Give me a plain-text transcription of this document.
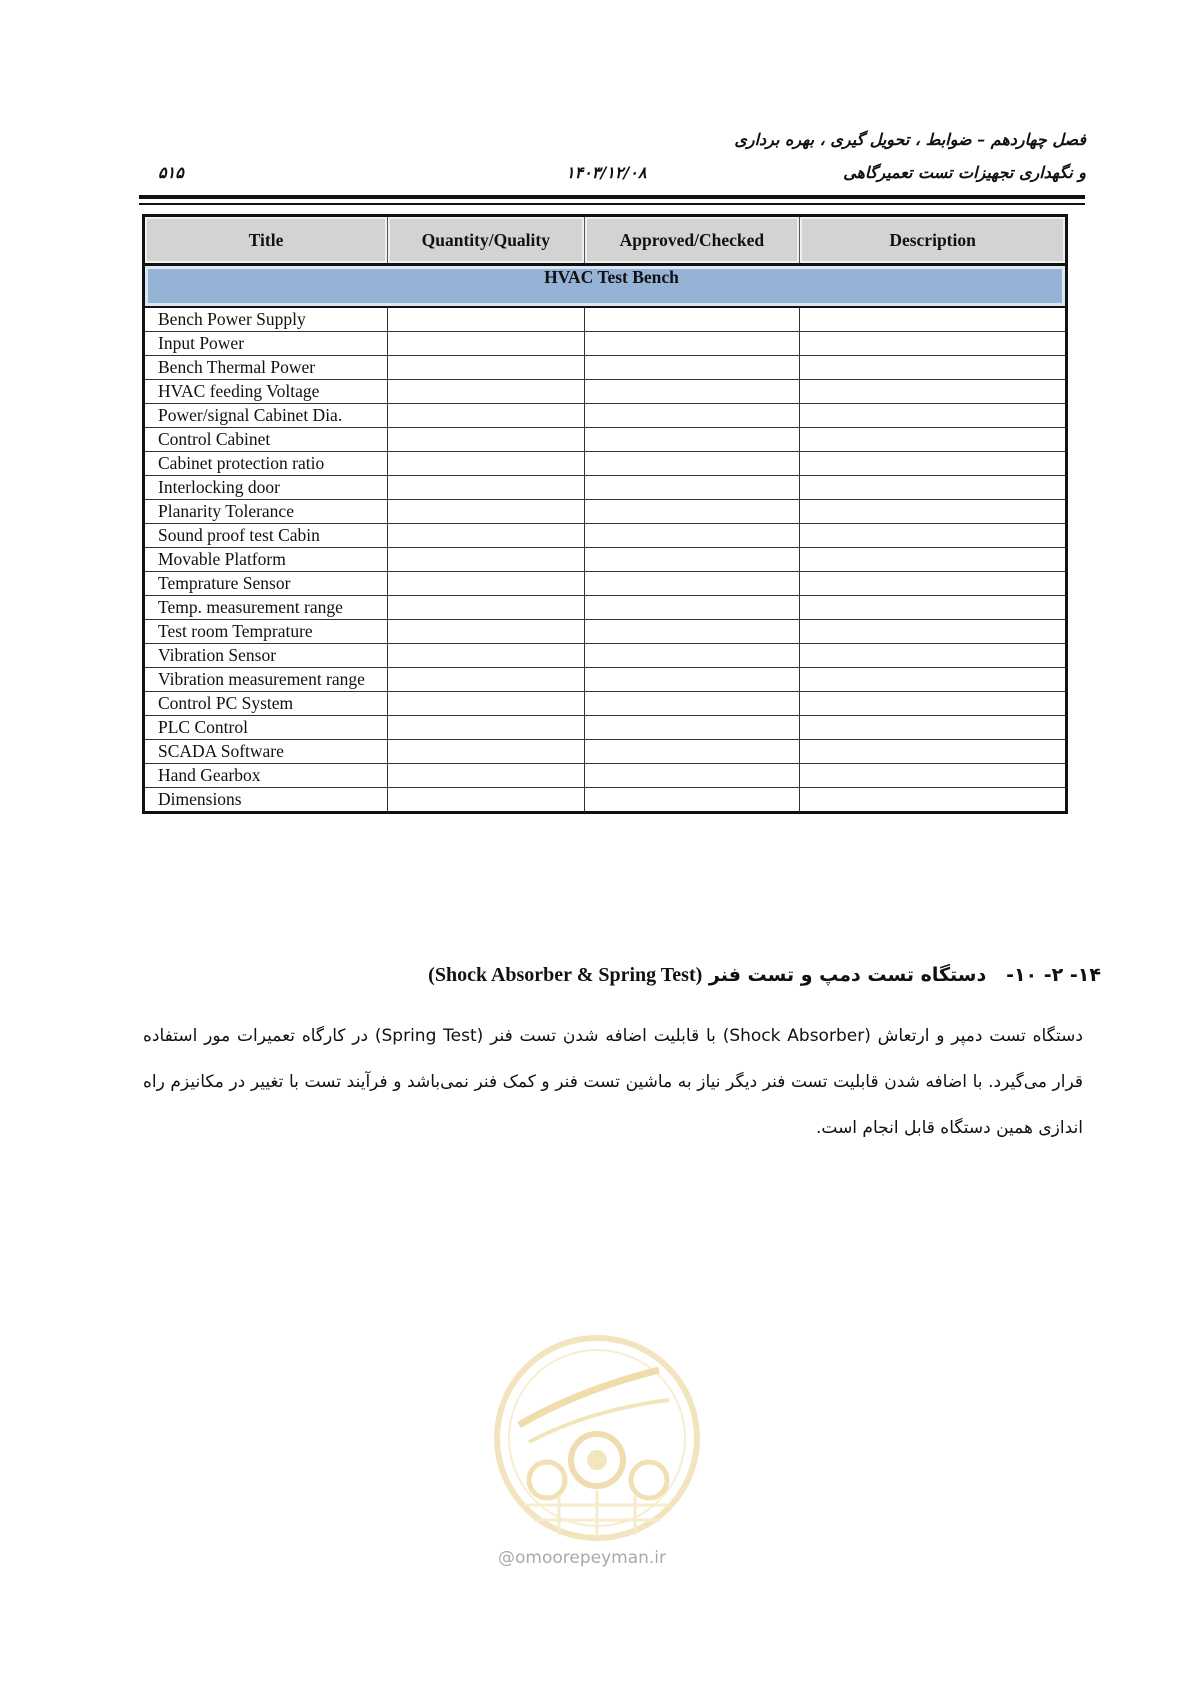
فصل چهاردهم – ضوابط ، تحویل گیری ، بهره برداری
و نگهداری تجهیزات تست تعمیرگاهی
۱۴۰۳/۱۲/۰۸
۵۱۵
Title	Quantity/Quality	Approved/Checked	Description
HVAC Test Bench			
Bench Power Supply			
Input Power			
Bench Thermal Power			
HVAC feeding Voltage			
Power/signal Cabinet Dia.			
Control Cabinet			
Cabinet protection ratio			
Interlocking door			
Planarity Tolerance			
Sound proof test Cabin			
Movable Platform			
Temprature Sensor			
Temp. measurement range			
Test room Temprature			
Vibration Sensor			
Vibration measurement range			
Control PC System			
PLC Control			
SCADA Software			
Hand Gearbox			
Dimensions			
۱۴- ۲- ۱۰-   دستگاه تست دمپ و تست فنر (Shock Absorber & Spring Test)
دستگاه تست دمپر و ارتعاش (Shock Absorber) با قابلیت اضافه شدن تست فنر (Spring Test) در کارگاه تعمیرات مور استفاده قرار می‌گیرد. با اضافه شدن قابلیت تست فنر دیگر نیاز به ماشین تست فنر و کمک فنر نمی‌باشد و فرآیند تست با تغییر در مکانیزم راه اندازی همین دستگاه قابل انجام است.
@omoorepeyman.ir
